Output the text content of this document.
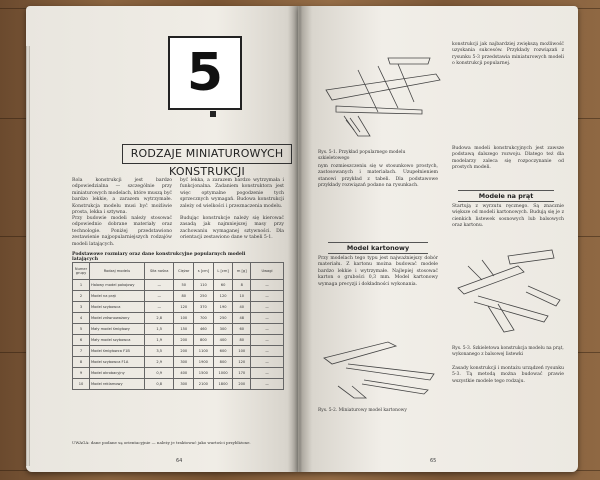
5
RODZAJE MINIATUROWYCH KONSTRUKCJI
Rola konstrukcji jest bardzo odpowiedzialna — szczególnie przy miniaturowych modelach, które muszą być bardzo lekkie, a zarazem wytrzymałe. Konstrukcja modelu musi być możliwie prosta, lekka i sztywna.
być lekka, a zarazem bardzo wytrzymała i funkcjonalna. Zadaniem konstruktora jest więc optymalne pogodzenie tych sprzecznych wymagań. Budowa konstrukcji zależy od wielkości i przeznaczenia modelu.
Przy budowie modeli należy stosować odpowiednio dobrane materiały oraz technologie. Poniżej przedstawiono zestawienie najpopularniejszych rodzajów modeli latających.
Budując konstrukcje należy się kierować zasadą jak najmniejszej masy przy zachowaniu wymaganej sztywności. Dla orientacji zestawiono dane w tabeli 5-1.
Podstawowe rozmiary oraz dane konstrukcyjne popularnych modeli latających
Numer grupy	Rodzaj modelu	Siła nośna	Ciężar	s [cm]	L [cm]	m [g]	Uwagi
1	Halowy model pokojowy	—	50	110	60	8	—
2	Model na prąt	—	80	250	120	10	—
3	Model szybowca	—	120	370	190	40	—
4	Model zrównoważony	2,8	100	700	250	48	—
5	Mały model śmigłowy	1,5	150	460	300	60	—
6	Mały model szybowca	1,9	200	800	400	80	—
7	Model śmigłowca F1B	3,5	200	1100	600	100	—
8	Model szybowca F1A	2,9	300	1900	800	120	—
9	Model akrobacyjny	0,9	400	1500	1000	170	—
10	Model reklamowy	0,8	300	2100	1800	200	—
UWAGA: dane podane są orientacyjnie — należy je traktować jako wartości przybliżone.
64
Rys. 5-1. Przykład popularnego modelu szkieletowego
nym rozmieszczeniu się w stosunkowo prostych, zastosowanych i materiałach. Uzupełnieniem stanowi przykład z tabeli. Dla podstawowe przykłady rozwiązań podano na rysunkach.
konstrukcji jak najbardziej zwiększą możliwość uzyskania sukcesów. Przykłady rozwiązań z rysunku 5-3 przedstawia miniaturowych modeli o konstrukcji popularnej.
Budowa modeli konstrukcyjnych jest zawsze podstawą dalszego rozwoju. Dlatego też dla modelarzy zaleca się rozpoczynanie od prostych modeli.
Model kartonowy
Przy modelach tego typu jest najważniejszy dobór materiału. Z kartonu można budować modele bardzo lekkie i wytrzymałe. Najlepiej stosować karton o grubości 0,3 mm. Model kartonowy wymaga precyzji i dokładności wykonania.
Rys. 5-2. Miniaturowy model kartonowy
Modele na prąt
Startują z wyrzutu ręcznego. Są znacznie większe od modeli kartonowych. Budują się je z cienkich listewek sosnowych lub balsowych oraz kartonu.
Rys. 5-3. Szkieletowa konstrukcja modelu na prąt, wykonanego z balsowej listewki
Zasady konstrukcji i montażu urządzeń rysunku 5-3. Tą metodą można budować prawie wszystkie modele tego rodzaju.
65
